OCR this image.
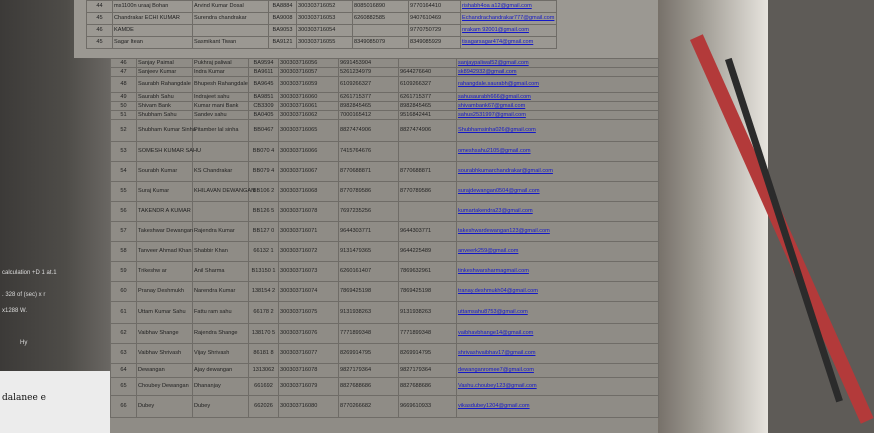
calculation +D 1 at.1
. 328 of (sec) x r
x1288 W.
Hy
dalanee e
44	ms1100n uraaj Bohan	Arvind Kumar Dosal	BA8884	300303716052	8085016890	9770164410	rishabh4oa a12@gmail.com
45	Chandrakar ECHI KUMAR	Surendra chandrakar	BA9008	300303716053	6260882585	9407610469	Echandrachandrakar777@gmail.com
46	KAMDE		BA9053	300303716054		9770750729	nrakam 92001@gmail.com
45	Sagar Itean	Sasmikant Tiwan	BA9121	300303716055	8349085079	8349085929	tisagarsagar474@gmail.com
46	Sanjay Paimal	Pukhraj paliwal	BA9594	300303716056	9691453904		sanjaypaliwal52@gmail.com
47	Sanjeev Kumar	Indra Kumar	BA9611	300303716057	5261234979	9644276640	sk8942932@gmail.com
48	Saurabh Rahangdale	Bhupesh Rahangdale	BA9645	300303716059	6109266327	6109266327	rahangdale.saurabh@gmail.com
49	Saurabh Sahu	Indrajeet sahu	BA9851	300303716060	6261715377	6261715377	sahusaurabh666@gmail.com
50	Shivam Bank	Kumar mani Bank	CB3309	300303716061	8982845465	8982845465	shivambank67@gmail.com
51	Shubham Sahu	Sandev sahu	BA0405	300303716062	7000165412	9516842441	sahus2531997@gmail.com
52	Shubham Kumar Sinha	Pitamber lal sinha	BB0467	300303716065	8827474906	8827474906	Shubhamsinha026@gmail.com
53	SOMESH KUMAR SAHU		BB070 4	300303716066	7415764676		omeshsahu2105@gmail.com
54	Sourabh Kumar	KS Chandrakar	BB079 4	300303716067	8770688871	8770688871	sourabhkumarchandrakar@gmail.com
55	Suraj Kumar	KHILAVAN DEWANGAN	BB106 2	300303716068	8770789586	8770789586	surajdewangan0504@gmail.com
56	TAKENDR A KUMAR		BB126 5	300303716078	7697235256		kumartakendra23@gmail.com
57	Takeshwar Dewangan	Rajendra Kumar	BB127 0	300303716071	9644303771	9644303771	takeshwardewangan123@gmail.com
58	Tanveer Ahmad Khan	Shabbir Khan	66132 1	300303716072	9131479365	9644225489	anveerk259@gmail.com
59	Trikeshw ar	Anil Sharma	B13150 1	300303716073	6260161407	7869632961	tinkeshwarsharmagmail.com
60	Pranay Deshmukh	Narendra Kumar	138154 2	300303716074	7869425198	7869425198	tranay.deshmukh04@gmail.com
61	Uttam Kumar Sahu	Fattu ram sahu	66178 2	300303716075	9131938263	9131938263	uttamsahu8753@gmail.com
62	Vaibhav Shange	Rajendra Shange	138170 5	300303716076	7771899348	7771899348	vaibhavbhange14@gmail.com
63	Vaibhav Shrivash	Vijay Shrivash	86181 8	300303716077	8269914795	8269914795	shrivashvaibhav17@gmail.com
64	Dewangan	Ajay dewangan	1313062	300303716078	9827179364	9827179364	dewanganromee7@gmail.com
65	Choubey Dewangan	Dhananjay	661692	300303716079	8827688686	8827688686	Vashu.choubey123@gmail.com
66	Dubey	Dubey	662026	300303716080	8770266682	9669610933	vikasdubey1204@gmail.com
